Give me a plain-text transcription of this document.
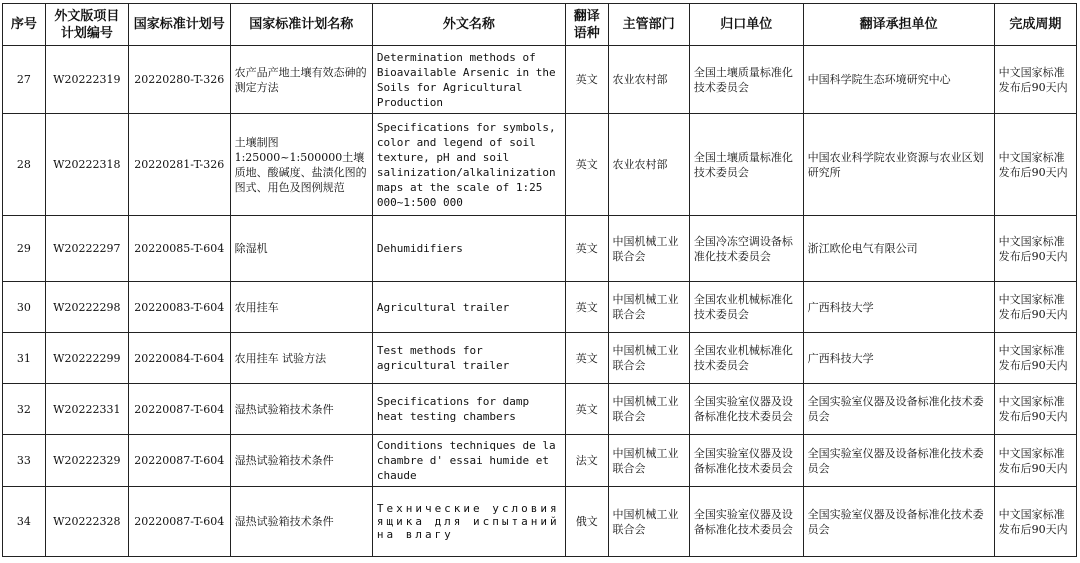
序号	外文版项目计划编号	国家标准计划号	国家标准计划名称	外文名称	翻译语种	主管部门	归口单位	翻译承担单位	完成周期
27	W20222319	20220280-T-326	农产品产地土壤有效态砷的测定方法	Determination methods of Bioavailable Arsenic in the Soils for Agricultural Production	英文	农业农村部	全国土壤质量标准化技术委员会	中国科学院生态环境研究中心	中文国家标准发布后90天内
28	W20222318	20220281-T-326	土壤制图 1:25000~1:500000土壤质地、酸碱度、盐渍化图的图式、用色及图例规范	Specifications for symbols, color and legend of soil texture, pH and soil salinization/alkalinization maps at the scale of 1:25 000~1:500 000	英文	农业农村部	全国土壤质量标准化技术委员会	中国农业科学院农业资源与农业区划研究所	中文国家标准发布后90天内
29	W20222297	20220085-T-604	除湿机	Dehumidifiers	英文	中国机械工业联合会	全国冷冻空调设备标准化技术委员会	浙江欧伦电气有限公司	中文国家标准发布后90天内
30	W20222298	20220083-T-604	农用挂车	Agricultural trailer	英文	中国机械工业联合会	全国农业机械标准化技术委员会	广西科技大学	中文国家标准发布后90天内
31	W20222299	20220084-T-604	农用挂车 试验方法	Test methods for agricultural trailer	英文	中国机械工业联合会	全国农业机械标准化技术委员会	广西科技大学	中文国家标准发布后90天内
32	W20222331	20220087-T-604	湿热试验箱技术条件	Specifications for damp heat testing chambers	英文	中国机械工业联合会	全国实验室仪器及设备标准化技术委员会	全国实验室仪器及设备标准化技术委员会	中文国家标准发布后90天内
33	W20222329	20220087-T-604	湿热试验箱技术条件	Conditions techniques de la chambre d' essai humide et chaude	法文	中国机械工业联合会	全国实验室仪器及设备标准化技术委员会	全国实验室仪器及设备标准化技术委员会	中文国家标准发布后90天内
34	W20222328	20220087-T-604	湿热试验箱技术条件	Технические условия ящика для испытаний на влагу	俄文	中国机械工业联合会	全国实验室仪器及设备标准化技术委员会	全国实验室仪器及设备标准化技术委员会	中文国家标准发布后90天内
